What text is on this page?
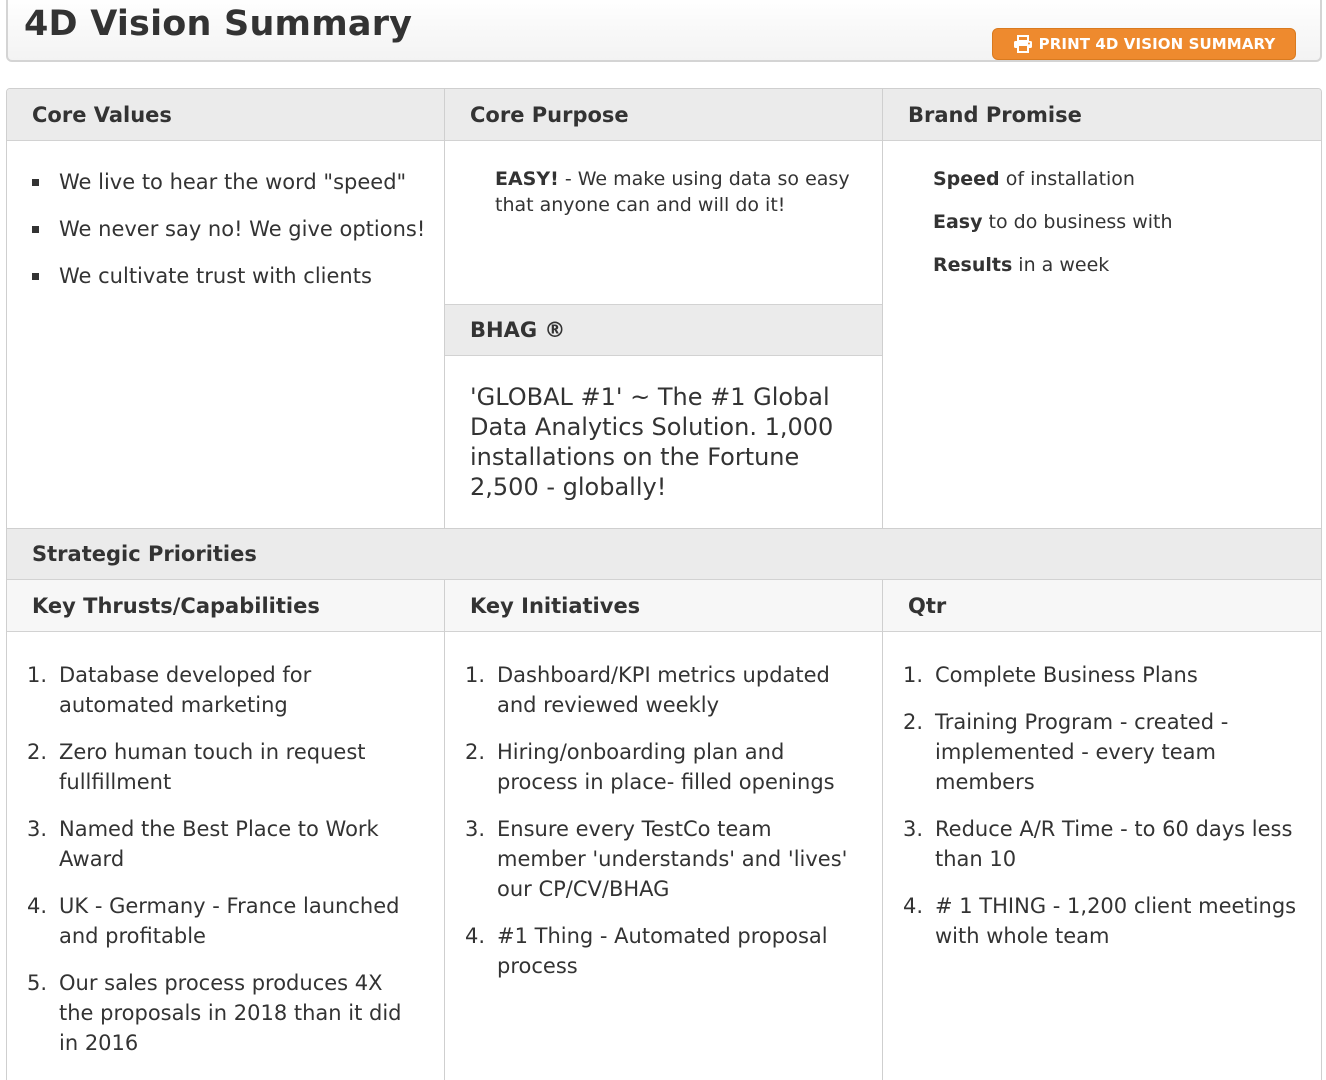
4D Vision Summary	PRINT 4D VISION SUMMARY
Core Values	Core Purpose	Brand Promise
We live to hear the word "speed"
We never say no! We give options!
We cultivate trust with clients
EASY! - We make using data so easy that anyone can and will do it!
BHAG ®
'GLOBAL #1' ~ The #1 Global Data Analytics Solution. 1,000 installations on the Fortune 2,500 - globally!
Speed of installation
Easy to do business with
Results in a week
Strategic Priorities
Key Thrusts/Capabilities	Key Initiatives	Qtr
1. Database developed for automated marketing
2. Zero human touch in request fullfillment
3. Named the Best Place to Work Award
4. UK - Germany - France launched and profitable
5. Our sales process produces 4X the proposals in 2018 than it did in 2016
1. Dashboard/KPI metrics updated and reviewed weekly
2. Hiring/onboarding plan and process in place- filled openings
3. Ensure every TestCo team member 'understands' and 'lives' our CP/CV/BHAG
4. #1 Thing - Automated proposal process
1. Complete Business Plans
2. Training Program - created - implemented - every team members
3. Reduce A/R Time - to 60 days less than 10
4. # 1 THING - 1,200 client meetings with whole team
